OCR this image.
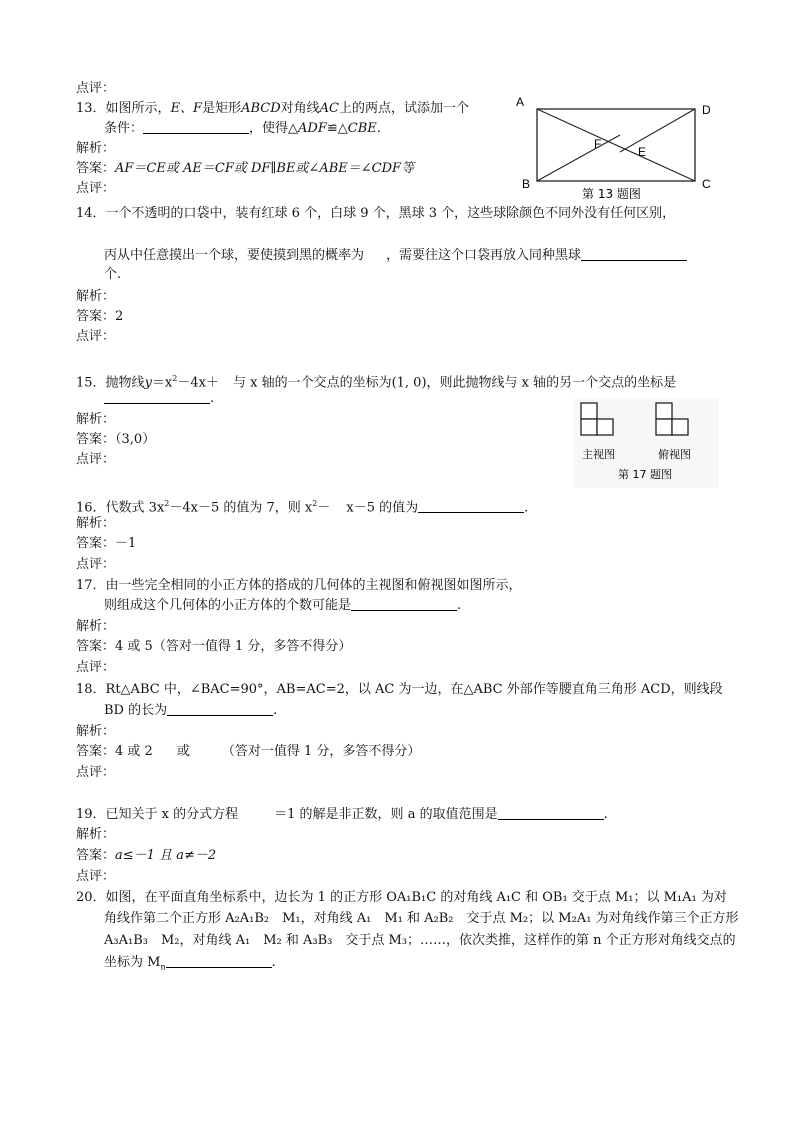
点评：
13．如图所示，E、F是矩形ABCD对角线AC上的两点，试添加一个
条件：	，使得△ADF≌△CBE.
解析：
答案：AF＝CE或 AE＝CF或 DF∥BE或∠ABE＝∠CDF等
点评：
A
D
B	C
F
E
第 13 题图
14．一个不透明的口袋中，装有红球 6 个，白球 9 个，黑球 3 个，这些球除颜色不同外没有任何区别，
丙从中任意摸出一个球，要使摸到黑的概率为 ，需要往这个口袋再放入同种黑球
个.
解析：
答案：2
点评：
15．抛物线$y=x^2-4x+$ 与 x 轴的一个交点的坐标为(1, 0)，则此抛物线与 x 轴的另一个交点的坐标是
.
解析：
答案：（3,0）
点评：	主视图	俯视图
第 17 题图
16．代数式 $3x^2-4x-5$ 的值为 7，则 $x^2- x-5$ 的值为	.
解析：
答案：－1
点评：
17．由一些完全相同的小正方体的搭成的几何体的主视图和俯视图如图所示，
则组成这个几何体的小正方体的个数可能是	.
解析：
答案：4 或 5（答对一值得 1 分，多答不得分）
点评：
18．Rt△ABC 中，∠BAC=90°，AB=AC=2，以 AC 为一边，在△ABC 外部作等腰直角三角形 ACD，则线段
BD 的长为	.
解析：
答案：4 或 2 或 （答对一值得 1 分，多答不得分）
点评：
19．已知关于 x 的分式方程	＝1 的解是非正数，则 a 的取值范围是	.
解析：
答案：a≤－1 且 a≠－2
点评：
20．如图，在平面直角坐标系中，边长为 1 的正方形 OA₁B₁C 的对角线 A₁C 和 OB₁ 交于点 M₁；以 M₁A₁ 为对
角线作第二个正方形 A₂A₁B₂　M₁，对角线 A₁　M₁ 和 A₂B₂　交于点 M₂；以 M₂A₁ 为对角线作第三个正方形
A₃A₁B₃　M₂，对角线 A₁　M₂ 和 A₃B₃　交于点 M₃；……，依次类推，这样作的第 n 个正方形对角线交点的
坐标为 $M_n$	.
